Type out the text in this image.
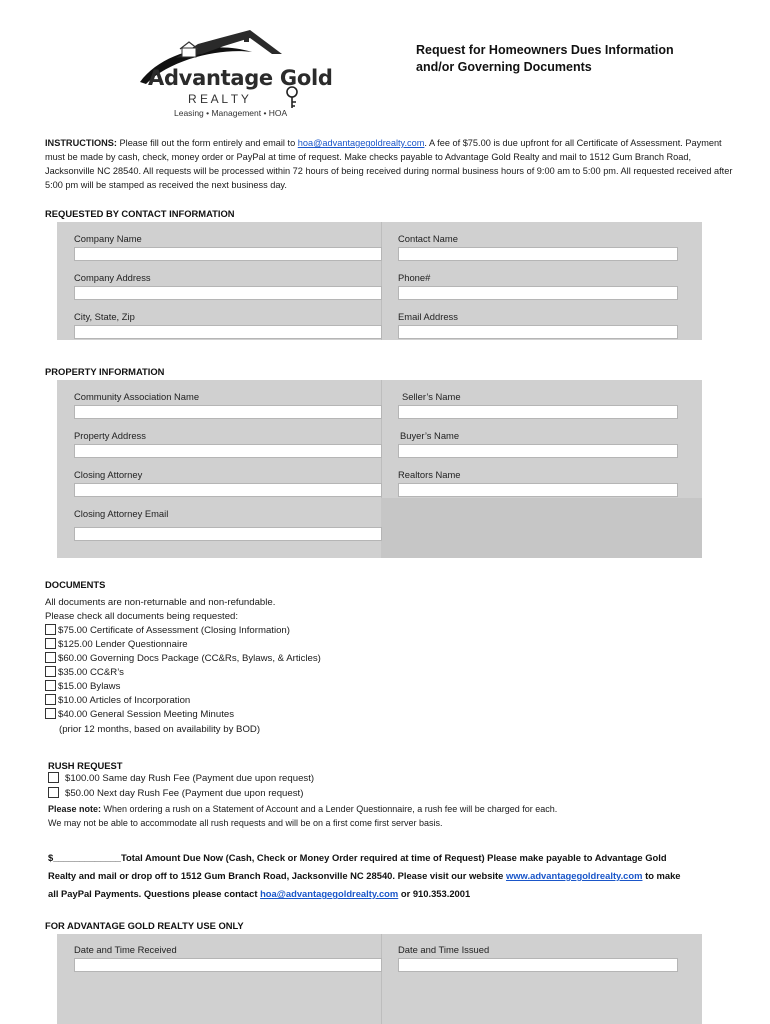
Advantage Gold
R E A L T Y
Leasing • Management • HOA
Request for Homeowners Dues Information
and/or Governing Documents
INSTRUCTIONS: Please fill out the form entirely and email to hoa@advantagegoldrealty.com. A fee of $75.00 is due upfront for all Certificate of Assessment. Payment must be made by cash, check, money order or PayPal at time of request. Make checks payable to Advantage Gold Realty and mail to 1512 Gum Branch Road, Jacksonville NC 28540. All requests will be processed within 72 hours of being received during normal business hours of 9:00 am to 5:00 pm. All requested received after 5:00 pm will be stamped as received the next business day.
REQUESTED BY CONTACT INFORMATION
Company Name	Contact Name
Company Address	Phone#
City, State, Zip	Email Address
PROPERTY INFORMATION
Community Association Name	Seller’s Name
Property Address	Buyer’s Name
Closing Attorney	Realtors Name
Closing Attorney Email
DOCUMENTS
All documents are non-returnable and non-refundable.
Please check all documents being requested:
$75.00 Certificate of Assessment (Closing Information)
$125.00 Lender Questionnaire
$60.00 Governing Docs Package (CC&Rs, Bylaws, & Articles)
$35.00 CC&R’s
$15.00 Bylaws
$10.00 Articles of Incorporation
$40.00 General Session Meeting Minutes
(prior 12 months, based on availability by BOD)
RUSH REQUEST
$100.00 Same day Rush Fee (Payment due upon request)
$50.00 Next day Rush Fee (Payment due upon request)
Please note: When ordering a rush on a Statement of Account and a Lender Questionnaire, a rush fee will be charged for each.
We may not be able to accommodate all rush requests and will be on a first come first server basis.
$_____________Total Amount Due Now (Cash, Check or Money Order required at time of Request) Please make payable to Advantage Gold
Realty and mail or drop off to 1512 Gum Branch Road, Jacksonville NC 28540. Please visit our website www.advantagegoldrealty.com to make
all PayPal Payments. Questions please contact hoa@advantagegoldrealty.com or 910.353.2001
FOR ADVANTAGE GOLD REALTY USE ONLY
Date and Time Received	Date and Time Issued
